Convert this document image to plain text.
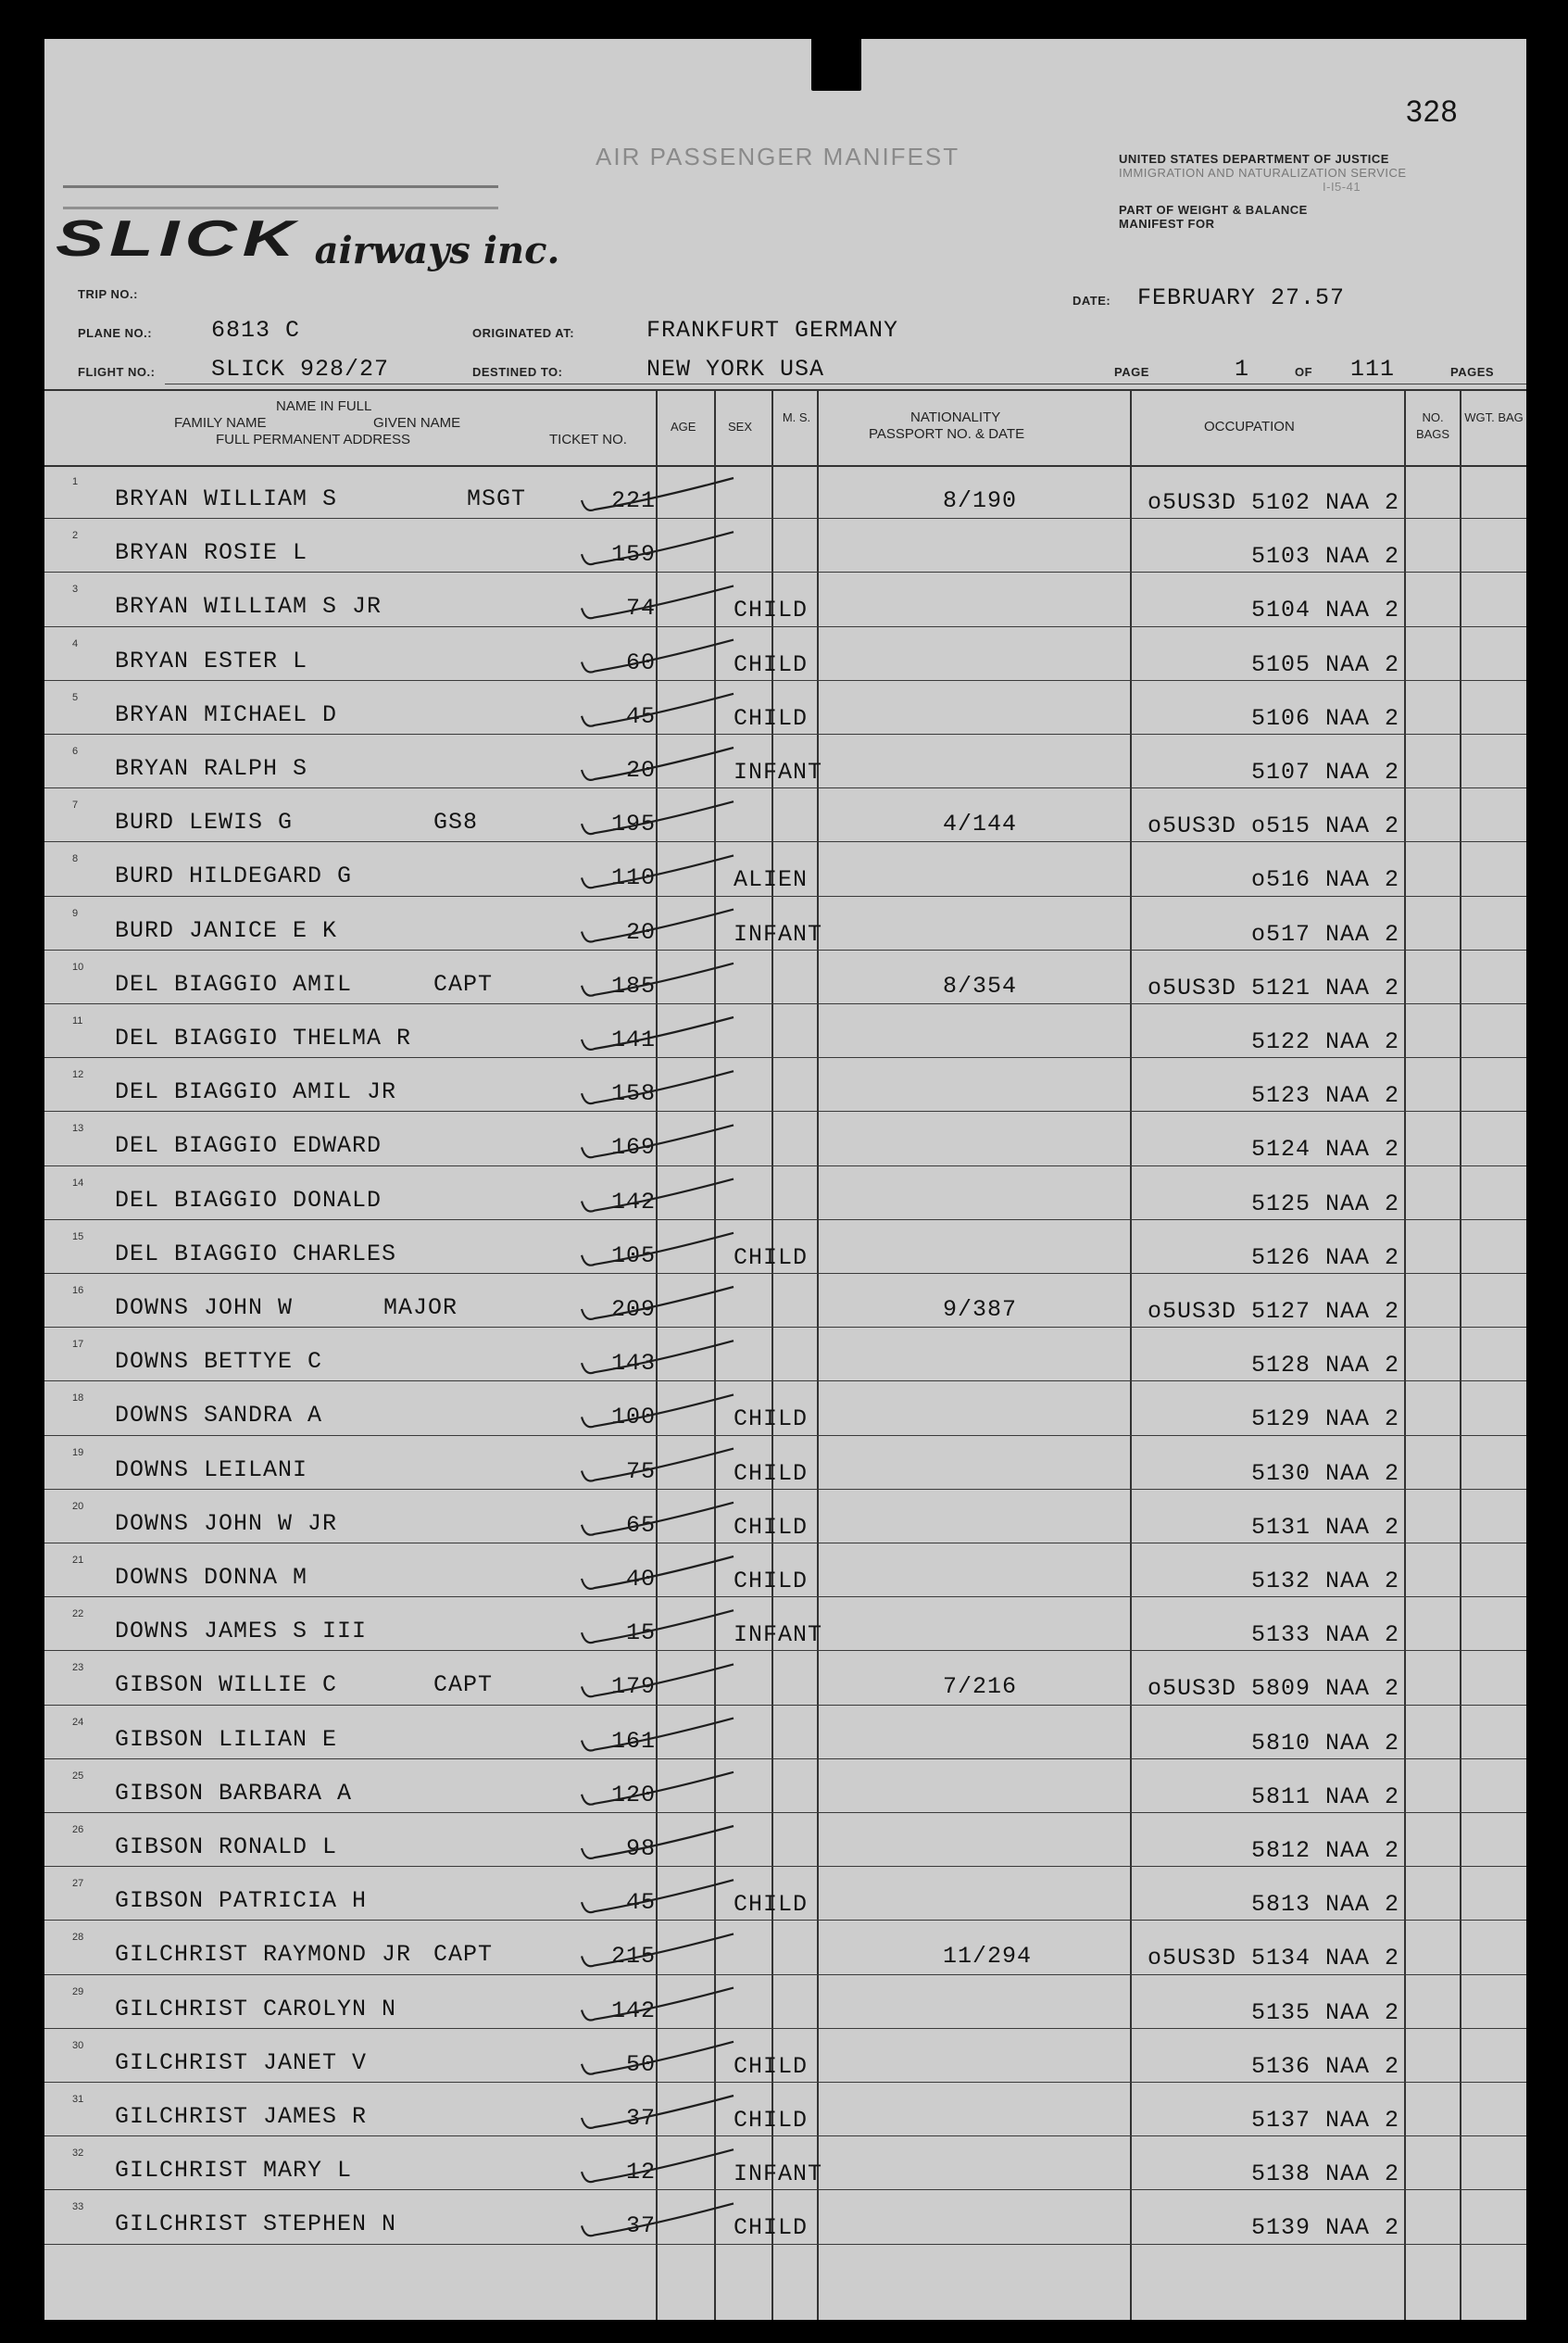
328
AIR PASSENGER MANIFEST
SLICK airways inc.
UNITED STATES DEPARTMENT OF JUSTICE
IMMIGRATION AND NATURALIZATION SERVICE
I-I5-41
PART OF WEIGHT & BALANCE
MANIFEST FOR
TRIP NO.:
PLANE NO.:	6813 C	ORIGINATED AT:	FRANKFURT GERMANY
DATE: FEBRUARY 27.57
FLIGHT NO.: SLICK 928/27	DESTINED TO:	NEW YORK USA	PAGE	1	OF 111	PAGES
NAME IN FULL
FAMILY NAME	GIVEN NAME
FULL PERMANENT ADDRESS	TICKET NO.
AGE	SEX
M. S.	NATIONALITY
PASSPORT NO. & DATE	OCCUPATION
NO. BAGS
WGT. BAG
1
BRYAN WILLIAM S	MSGT	221	8/190	o5US3D 5102 NAA 2
2
BRYAN ROSIE L	159	5103 NAA 2
3
BRYAN WILLIAM S JR	74	CHILD	5104 NAA 2
4
BRYAN ESTER L	60	CHILD	5105 NAA 2
5
BRYAN MICHAEL D	45	CHILD	5106 NAA 2
6
BRYAN RALPH S	20	INFANT	5107 NAA 2
7
BURD LEWIS G	GS8	195	4/144	o5US3D o515 NAA 2
8
BURD HILDEGARD G	110	ALIEN	o516 NAA 2
9
BURD JANICE E K	20	INFANT	o517 NAA 2
10
DEL BIAGGIO AMIL	CAPT	185	8/354	o5US3D 5121 NAA 2
11
DEL BIAGGIO THELMA R	141	5122 NAA 2
12
DEL BIAGGIO AMIL JR	158	5123 NAA 2
13
DEL BIAGGIO EDWARD	169	5124 NAA 2
14
DEL BIAGGIO DONALD	142	5125 NAA 2
15
DEL BIAGGIO CHARLES	105	CHILD	5126 NAA 2
16
DOWNS JOHN W	MAJOR	209	9/387	o5US3D 5127 NAA 2
17
DOWNS BETTYE C	143	5128 NAA 2
18
DOWNS SANDRA A	100	CHILD	5129 NAA 2
19
DOWNS LEILANI	75	CHILD	5130 NAA 2
20
DOWNS JOHN W JR	65	CHILD	5131 NAA 2
21
DOWNS DONNA M	40	CHILD	5132 NAA 2
22
DOWNS JAMES S III	15	INFANT	5133 NAA 2
23
GIBSON WILLIE C	CAPT	179	7/216	o5US3D 5809 NAA 2
24
GIBSON LILIAN E	161	5810 NAA 2
25
GIBSON BARBARA A	120	5811 NAA 2
26
GIBSON RONALD L	98	5812 NAA 2
27
GIBSON PATRICIA H	45	CHILD	5813 NAA 2
28
GILCHRIST RAYMOND JR CAPT	215	11/294	o5US3D 5134 NAA 2
29
GILCHRIST CAROLYN N	142	5135 NAA 2
30
GILCHRIST JANET V	50	CHILD	5136 NAA 2
31
GILCHRIST JAMES R	37	CHILD	5137 NAA 2
32
GILCHRIST MARY L	12	INFANT	5138 NAA 2
33
GILCHRIST STEPHEN N	37	CHILD	5139 NAA 2
